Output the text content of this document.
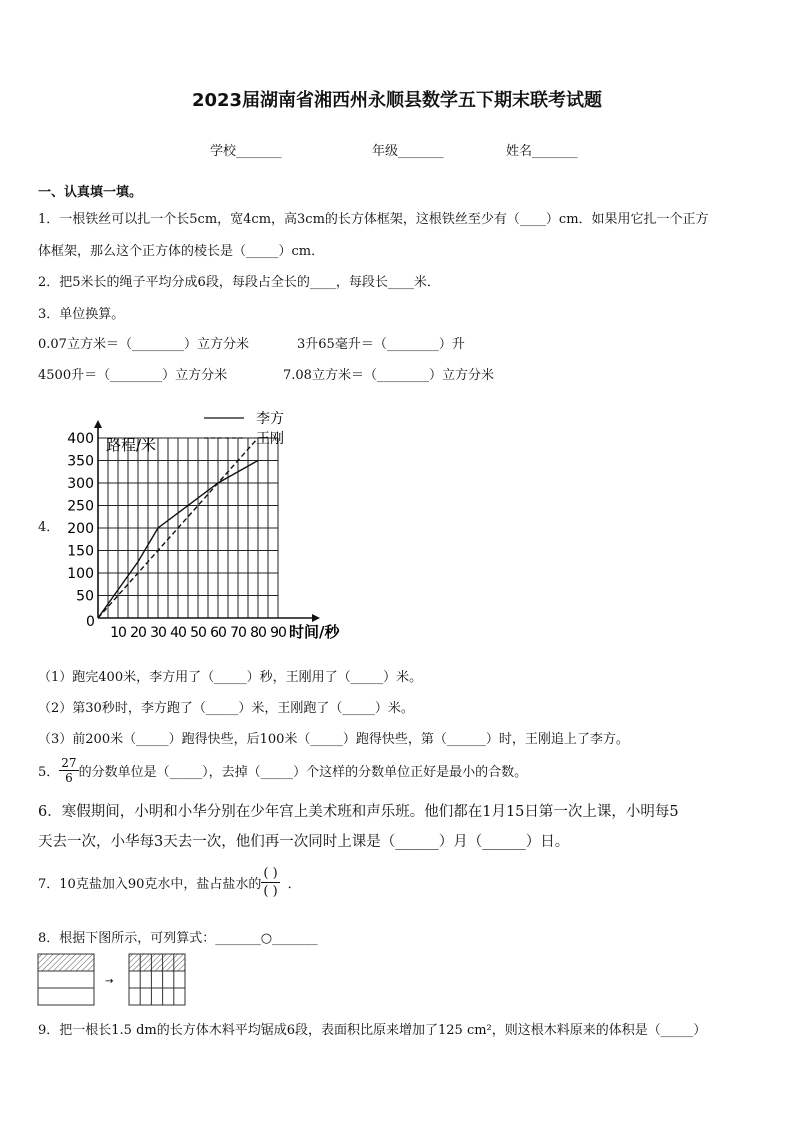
2023届湖南省湘西州永顺县数学五下期末联考试题
学校_______	年级_______	姓名_______
一、认真填一填。
1．一根铁丝可以扎一个长5cm，宽4cm，高3cm的长方体框架，这根铁丝至少有（____）cm．如果用它扎一个正方
体框架，那么这个正方体的棱长是（_____）cm．
2．把5米长的绳子平均分成6段，每段占全长的____，每段长____米．
3．单位换算。
0.07立方米＝（________）立方分米	3升65毫升＝（________）升
4500升＝（________）立方分米	7.08立方米＝（________）立方分米
4．
路程/米
时间/秒
0
50
100
150
200
250
300
350
400
10 20 30 40 50 60 70 80 90
李方
王刚
（1）跑完400米，李方用了（_____）秒，王刚用了（_____）米。
（2）第30秒时，李方跑了（_____）米，王刚跑了（_____）米。
（3）前200米（_____）跑得快些，后100米（_____）跑得快些，第（______）时，王刚追上了李方。
5． $\frac{27}{6}$ 的分数单位是（_____），去掉（_____）个这样的分数单位正好是最小的合数。
6．寒假期间，小明和小华分别在少年宫上美术班和声乐班。他们都在1月15日第一次上课，小明每5
天去一次，小华每3天去一次，他们再一次同时上课是（______）月（______）日。
7．10克盐加入90克水中，盐占盐水的 $\frac{( )}{( )}$ ．
8．根据下图所示，可列算式：_______○_______
→
9．把一根长1.5 dm的长方体木料平均锯成6段，表面积比原来增加了125 cm²，则这根木料原来的体积是（_____）
